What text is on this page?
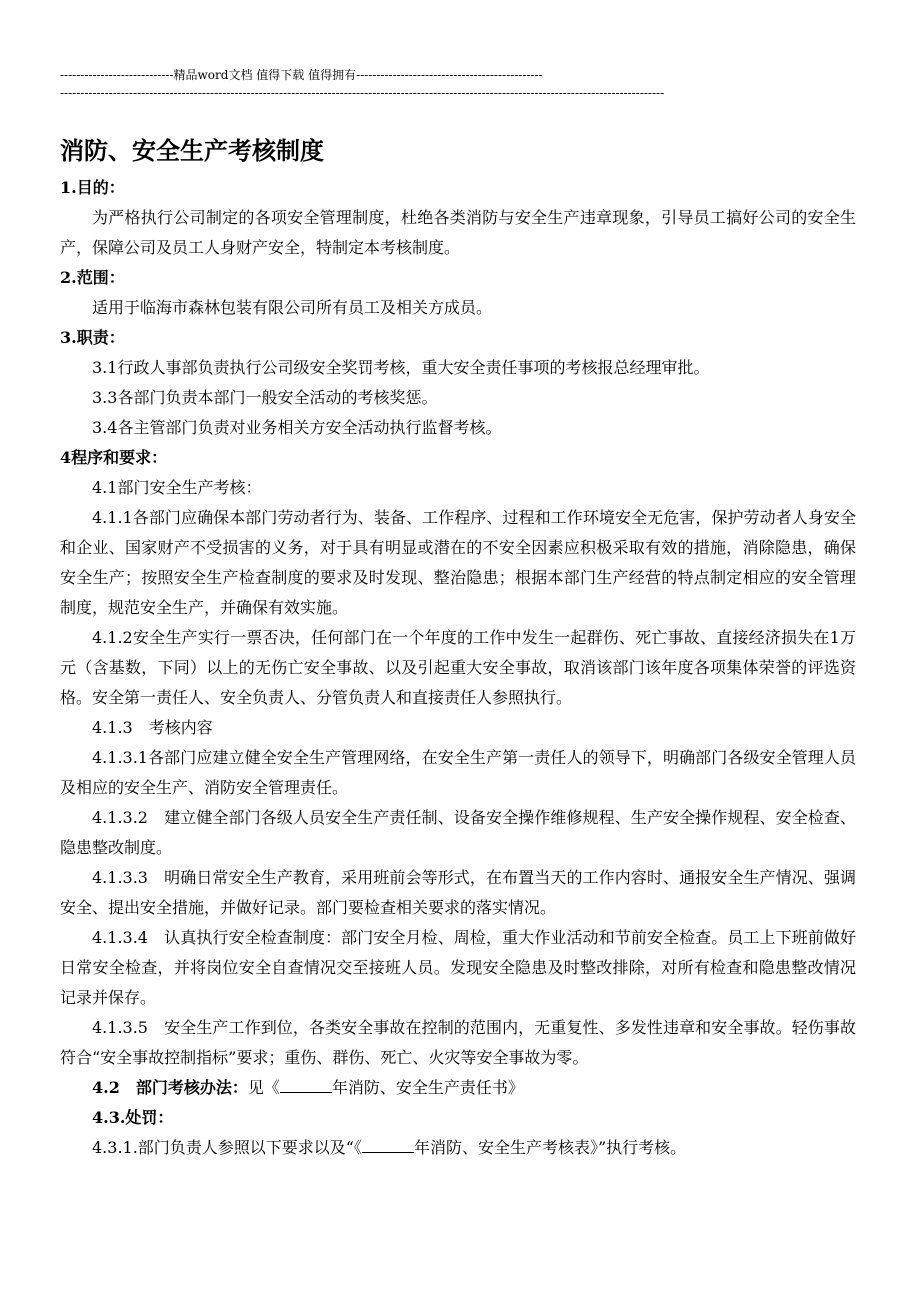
----------------------------精品word文档 值得下载 值得拥有----------------------------------------------
-----------------------------------------------------------------------------------------------------------------------------------------------------
消防、安全生产考核制度

1.目的：

为严格执行公司制定的各项安全管理制度，杜绝各类消防与安全生产违章现象，引导员工搞好公司的安全生产，保障公司及员工人身财产安全，特制定本考核制度。

2.范围：

适用于临海市森林包装有限公司所有员工及相关方成员。

3.职责：

3.1行政人事部负责执行公司级安全奖罚考核，重大安全责任事项的考核报总经理审批。

3.3各部门负责本部门一般安全活动的考核奖惩。

3.4各主管部门负责对业务相关方安全活动执行监督考核。

4程序和要求：

4.1部门安全生产考核：

4.1.1各部门应确保本部门劳动者行为、装备、工作程序、过程和工作环境安全无危害，保护劳动者人身安全和企业、国家财产不受损害的义务，对于具有明显或潜在的不安全因素应积极采取有效的措施，消除隐患，确保安全生产；按照安全生产检查制度的要求及时发现、整治隐患；根据本部门生产经营的特点制定相应的安全管理制度，规范安全生产，并确保有效实施。

4.1.2安全生产实行一票否决，任何部门在一个年度的工作中发生一起群伤、死亡事故、直接经济损失在1万元（含基数，下同）以上的无伤亡安全事故、以及引起重大安全事故，取消该部门该年度各项集体荣誉的评选资格。安全第一责任人、安全负责人、分管负责人和直接责任人参照执行。

4.1.3　考核内容

4.1.3.1各部门应建立健全安全生产管理网络，在安全生产第一责任人的领导下，明确部门各级安全管理人员及相应的安全生产、消防安全管理责任。

4.1.3.2　建立健全部门各级人员安全生产责任制、设备安全操作维修规程、生产安全操作规程、安全检查、隐患整改制度。

4.1.3.3　明确日常安全生产教育，采用班前会等形式，在布置当天的工作内容时、通报安全生产情况、强调安全、提出安全措施，并做好记录。部门要检查相关要求的落实情况。

4.1.3.4　认真执行安全检查制度：部门安全月检、周检，重大作业活动和节前安全检查。员工上下班前做好日常安全检查，并将岗位安全自查情况交至接班人员。发现安全隐患及时整改排除，对所有检查和隐患整改情况记录并保存。

4.1.3.5　安全生产工作到位，各类安全事故在控制的范围内，无重复性、多发性违章和安全事故。轻伤事故符合“安全事故控制指标”要求；重伤、群伤、死亡、火灾等安全事故为零。

4.2　部门考核办法：见《	年消防、安全生产责任书》

4.3.处罚：

4.3.1.部门负责人参照以下要求以及“《	年消防、安全生产考核表》”执行考核。
